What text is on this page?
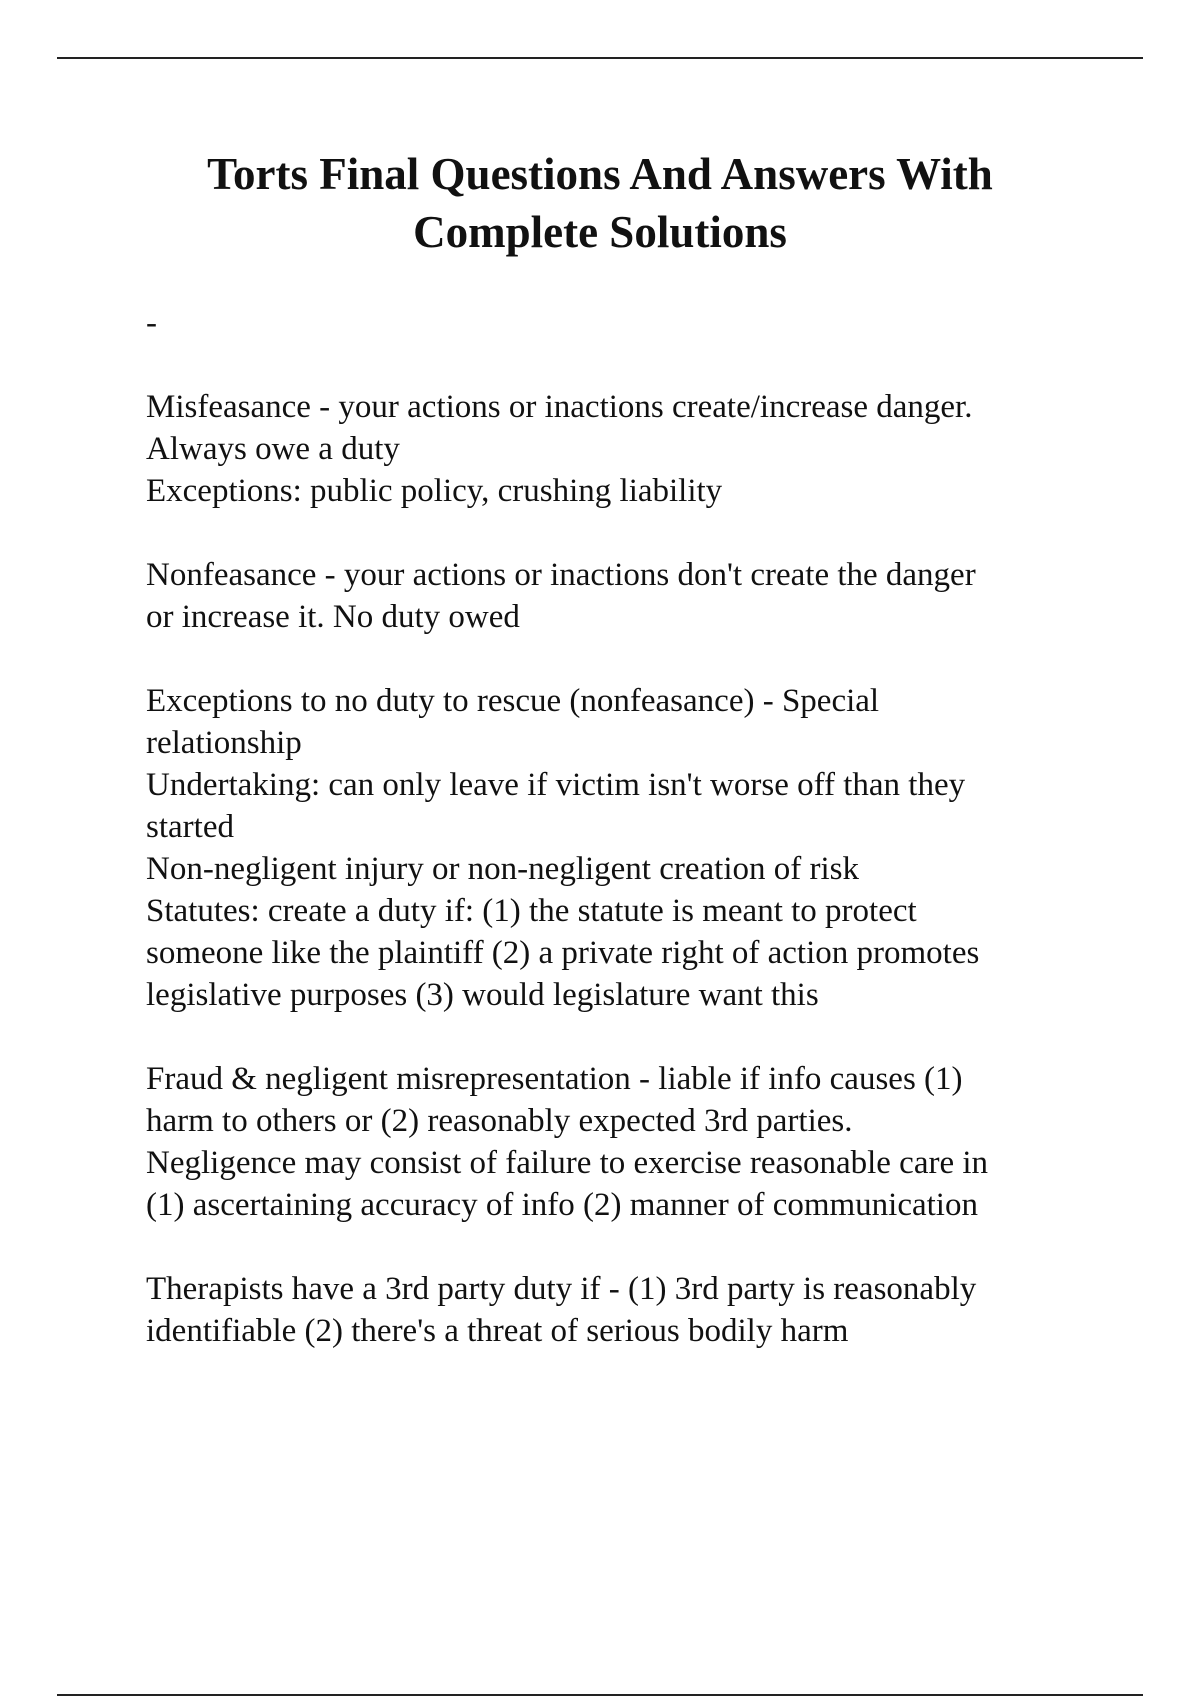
Torts Final Questions And Answers With
Complete Solutions
-
Misfeasance - your actions or inactions create/increase danger.
Always owe a duty
Exceptions: public policy, crushing liability
Nonfeasance - your actions or inactions don't create the danger
or increase it. No duty owed
Exceptions to no duty to rescue (nonfeasance) - Special
relationship
Undertaking: can only leave if victim isn't worse off than they
started
Non-negligent injury or non-negligent creation of risk
Statutes: create a duty if: (1) the statute is meant to protect
someone like the plaintiff (2) a private right of action promotes
legislative purposes (3) would legislature want this
Fraud & negligent misrepresentation - liable if info causes (1)
harm to others or (2) reasonably expected 3rd parties.
Negligence may consist of failure to exercise reasonable care in
(1) ascertaining accuracy of info (2) manner of communication
Therapists have a 3rd party duty if - (1) 3rd party is reasonably
identifiable (2) there's a threat of serious bodily harm
